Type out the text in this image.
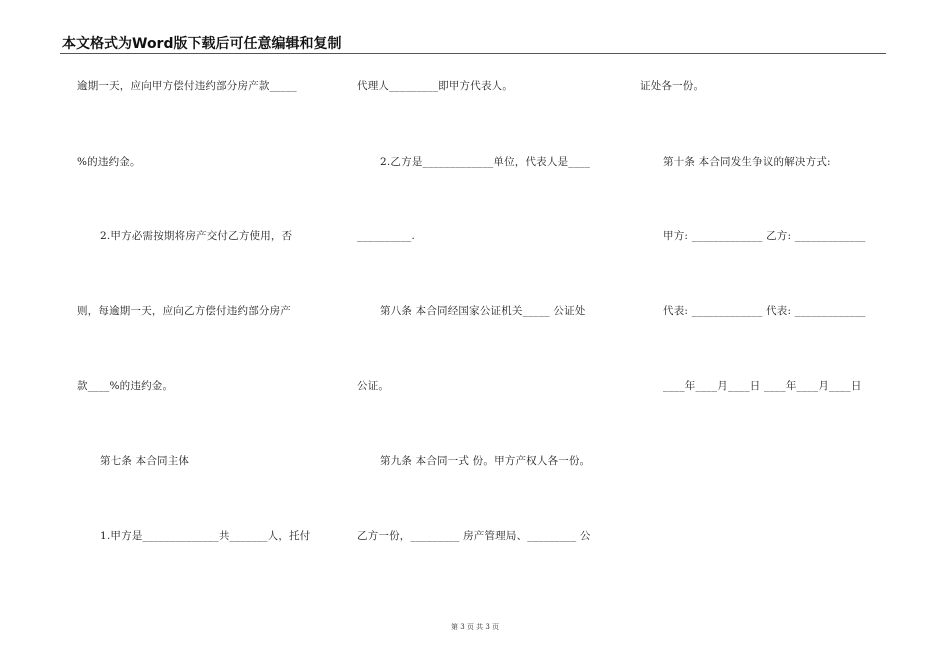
本文格式为Word版下载后可任意编辑和复制
逾期一天，应向甲方偿付违约部分房产款_____
%的违约金。
2.甲方必需按期将房产交付乙方使用，否
则，每逾期一天，应向乙方偿付违约部分房产
款____%的违约金。
第七条 本合同主体
1.甲方是______________共_______人，托付
代理人_________即甲方代表人。
2.乙方是_____________单位，代表人是____
__________.
第八条 本合同经国家公证机关_____ 公证处
公证。
第九条 本合同一式 份。甲方产权人各一份。
乙方一份，_________ 房产管理局、_________ 公
证处各一份。
第十条 本合同发生争议的解决方式:
甲方: _____________ 乙方: _____________
代表: _____________ 代表: _____________
____年____月____日 ____年____月____日
第 3 页 共 3 页
